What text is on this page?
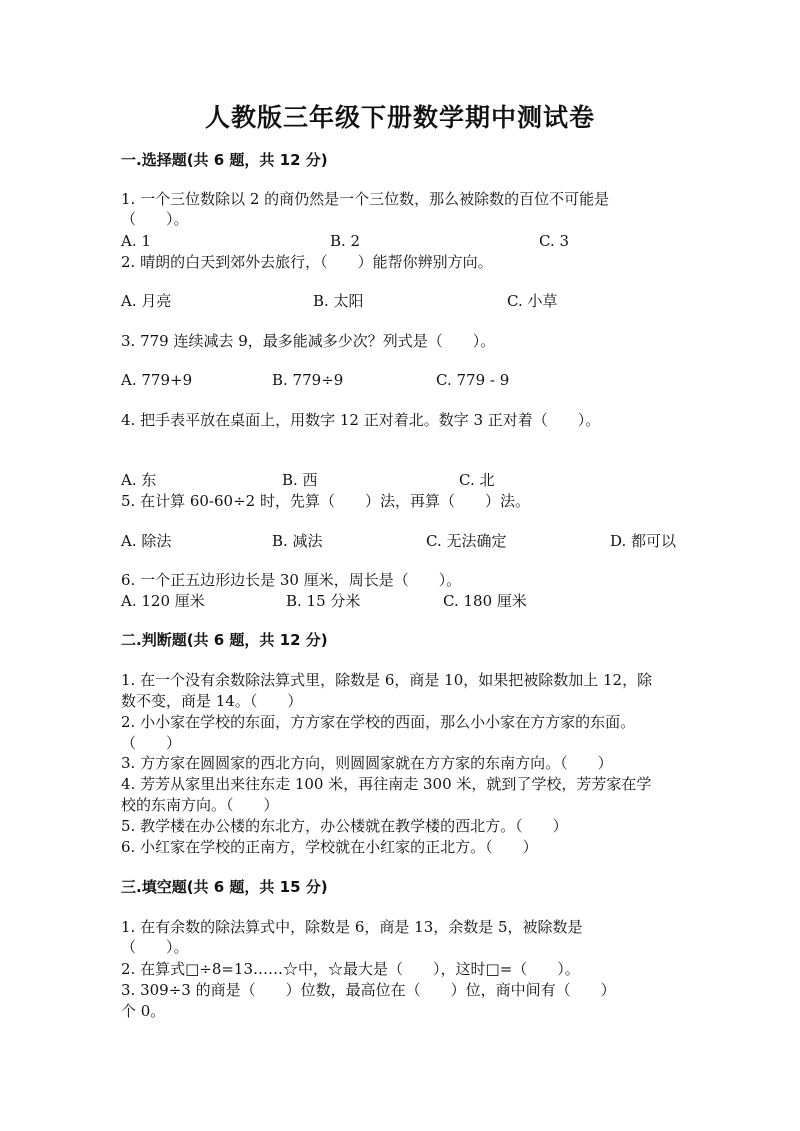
人教版三年级下册数学期中测试卷
一.选择题(共 6 题，共 12 分)
1. 一个三位数除以 2 的商仍然是一个三位数，那么被除数的百位不可能是
（　　）。
A. 1	B. 2	C. 3
2. 晴朗的白天到郊外去旅行，（　　）能帮你辨别方向。
A. 月亮	B. 太阳	C. 小草
3. 779 连续减去 9，最多能减多少次？列式是（　　）。
A. 779+9	B. 779÷9	C. 779 - 9
4. 把手表平放在桌面上，用数字 12 正对着北。数字 3 正对着（　　）。
A. 东	B. 西	C. 北
5. 在计算 60-60÷2 时，先算（　　）法，再算（　　）法。
A. 除法	B. 减法	C. 无法确定	D. 都可以
6. 一个正五边形边长是 30 厘米，周长是（　　）。
A. 120 厘米	B. 15 分米	C. 180 厘米
二.判断题(共 6 题，共 12 分)
1. 在一个没有余数除法算式里，除数是 6，商是 10，如果把被除数加上 12，除
数不变，商是 14。（　　）
2. 小小家在学校的东面，方方家在学校的西面，那么小小家在方方家的东面。
（　　）
3. 方方家在圆圆家的西北方向，则圆圆家就在方方家的东南方向。（　　）
4. 芳芳从家里出来往东走 100 米，再往南走 300 米，就到了学校，芳芳家在学
校的东南方向。（　　）
5. 教学楼在办公楼的东北方，办公楼就在教学楼的西北方。（　　）
6. 小红家在学校的正南方，学校就在小红家的正北方。（　　）
三.填空题(共 6 题，共 15 分)
1. 在有余数的除法算式中，除数是 6，商是 13，余数是 5，被除数是
（　　）。
2. 在算式□÷8=13……☆中，☆最大是（　　），这时□=（　　）。
3. 309÷3 的商是（　　）位数，最高位在（　　）位，商中间有（　　）
个 0。
